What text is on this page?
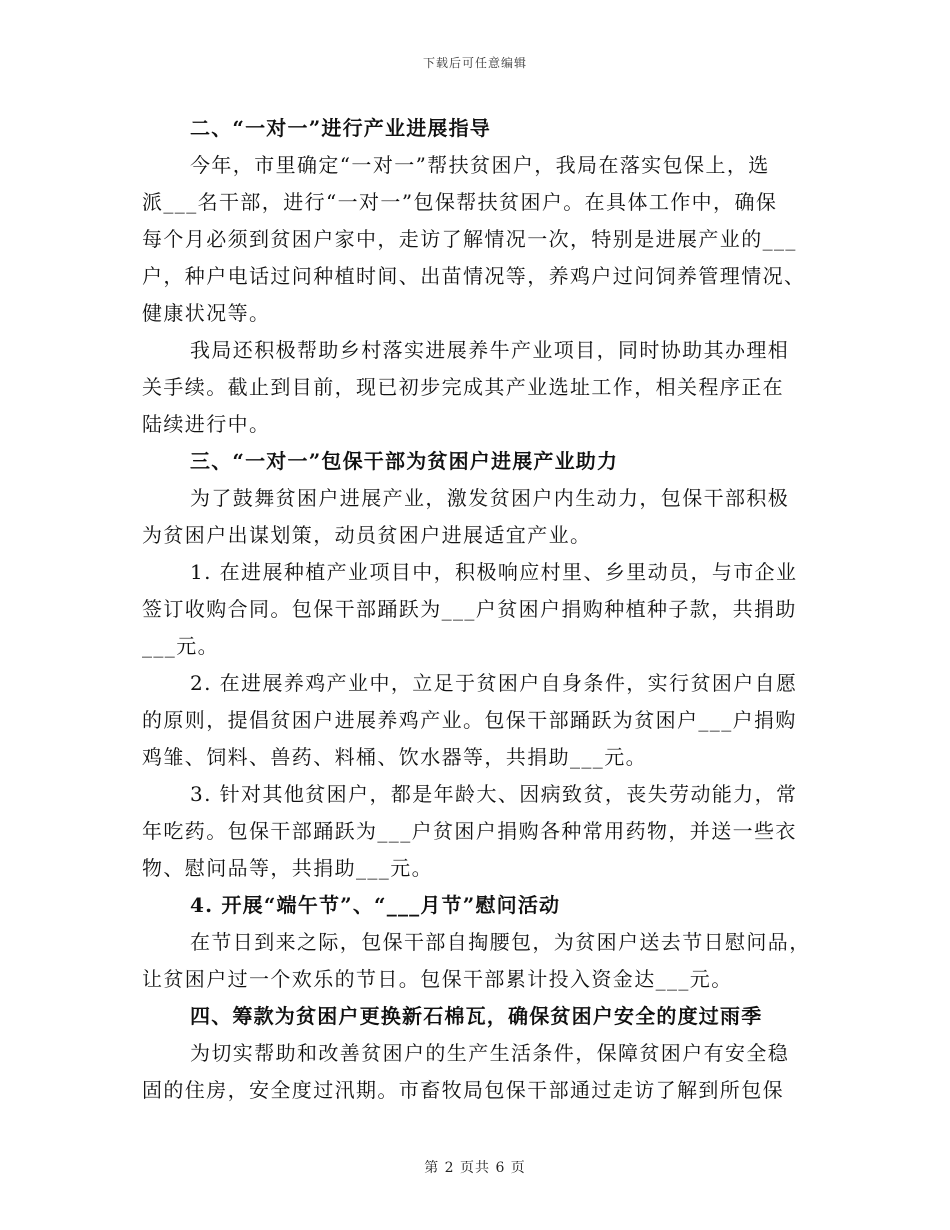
下载后可任意编辑
二、“一对一”进行产业进展指导
今年，市里确定“一对一”帮扶贫困户，我局在落实包保上，选
派___名干部，进行“一对一”包保帮扶贫困户。在具体工作中，确保
每个月必须到贫困户家中，走访了解情况一次，特别是进展产业的___
户，种户电话过问种植时间、出苗情况等，养鸡户过问饲养管理情况、
健康状况等。
我局还积极帮助乡村落实进展养牛产业项目，同时协助其办理相
关手续。截止到目前，现已初步完成其产业选址工作，相关程序正在
陆续进行中。
三、“一对一”包保干部为贫困户进展产业助力
为了鼓舞贫困户进展产业，激发贫困户内生动力，包保干部积极
为贫困户出谋划策，动员贫困户进展适宜产业。
1. 在进展种植产业项目中，积极响应村里、乡里动员，与市企业
签订收购合同。包保干部踊跃为___户贫困户捐购种植种子款，共捐助
___元。
2. 在进展养鸡产业中，立足于贫困户自身条件，实行贫困户自愿
的原则，提倡贫困户进展养鸡产业。包保干部踊跃为贫困户___户捐购
鸡雏、饲料、兽药、料桶、饮水器等，共捐助___元。
3. 针对其他贫困户，都是年龄大、因病致贫，丧失劳动能力，常
年吃药。包保干部踊跃为___户贫困户捐购各种常用药物，并送一些衣
物、慰问品等，共捐助___元。
4. 开展“端午节”、“___月节”慰问活动
在节日到来之际，包保干部自掏腰包，为贫困户送去节日慰问品，
让贫困户过一个欢乐的节日。包保干部累计投入资金达___元。
四、筹款为贫困户更换新石棉瓦，确保贫困户安全的度过雨季
为切实帮助和改善贫困户的生产生活条件，保障贫困户有安全稳
固的住房，安全度过汛期。市畜牧局包保干部通过走访了解到所包保
第 2 页共 6 页
